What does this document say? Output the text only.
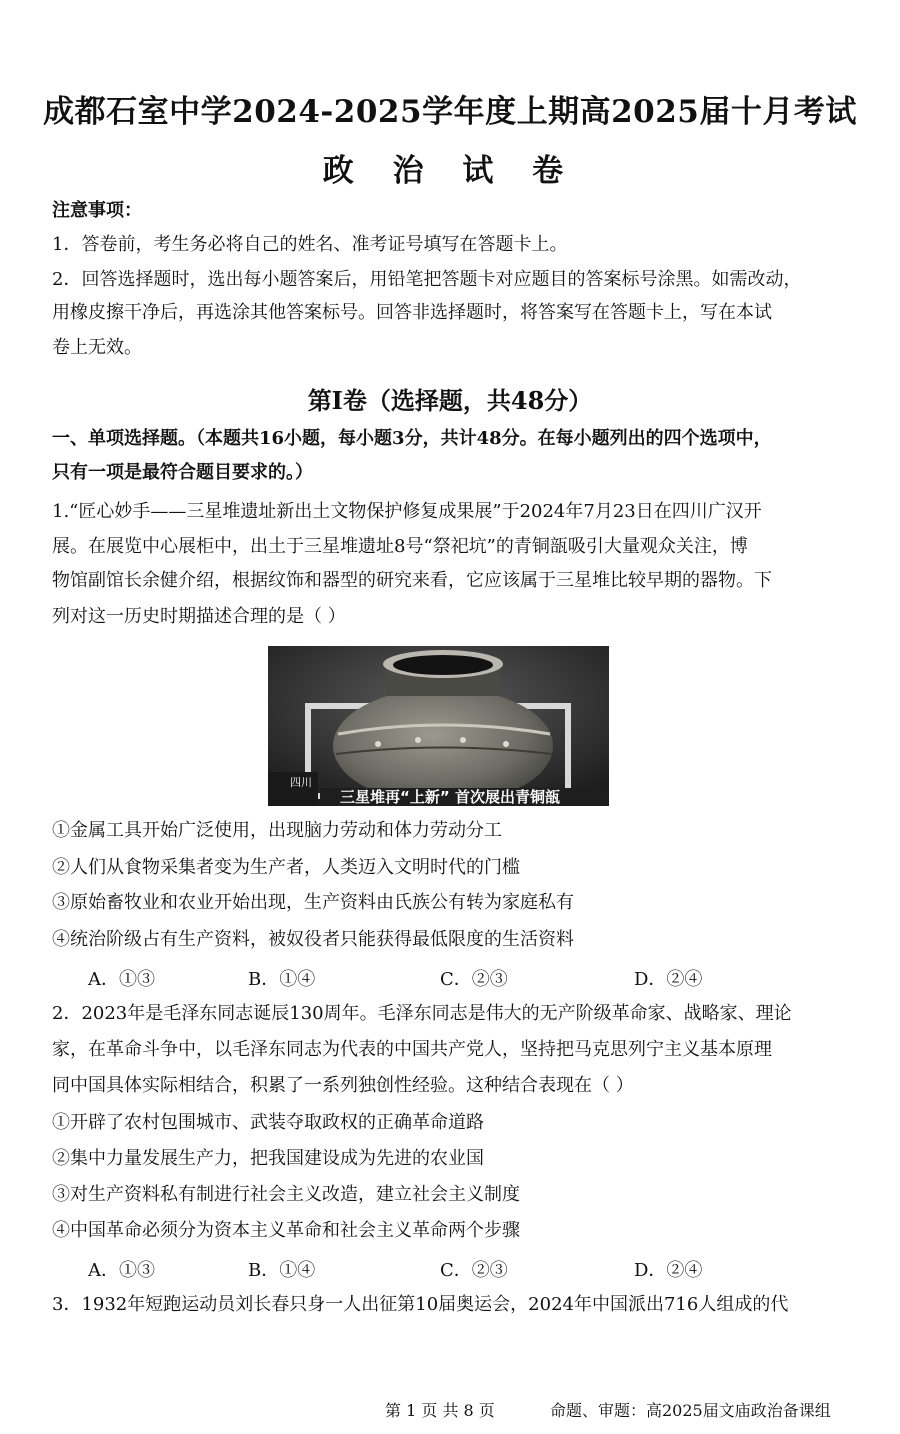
成都石室中学2024-2025学年度上期高2025届十月考试
政 治 试 卷
注意事项：
1．答卷前，考生务必将自己的姓名、准考证号填写在答题卡上。
2．回答选择题时，选出每小题答案后，用铅笔把答题卡对应题目的答案标号涂黑。如需改动，
用橡皮擦干净后，再选涂其他答案标号。回答非选择题时，将答案写在答题卡上，写在本试
卷上无效。
第Ⅰ卷（选择题，共48分）
一、单项选择题。（本题共16小题，每小题3分，共计48分。在每小题列出的四个选项中，
只有一项是最符合题目要求的。）
1.“匠心妙手——三星堆遗址新出土文物保护修复成果展”于2024年7月23日在四川广汉开
展。在展览中心展柜中，出土于三星堆遗址8号“祭祀坑”的青铜瓿吸引大量观众关注，博
物馆副馆长余健介绍，根据纹饰和器型的研究来看，它应该属于三星堆比较早期的器物。下
列对这一历史时期描述合理的是（ ）
四川
三星堆再“上新” 首次展出青铜瓿
①金属工具开始广泛使用，出现脑力劳动和体力劳动分工
②人们从食物采集者变为生产者，人类迈入文明时代的门槛
③原始畜牧业和农业开始出现，生产资料由氏族公有转为家庭私有
④统治阶级占有生产资料，被奴役者只能获得最低限度的生活资料
A．①③	B．①④	C．②③	D．②④
2．2023年是毛泽东同志诞辰130周年。毛泽东同志是伟大的无产阶级革命家、战略家、理论
家，在革命斗争中，以毛泽东同志为代表的中国共产党人，坚持把马克思列宁主义基本原理
同中国具体实际相结合，积累了一系列独创性经验。这种结合表现在（ ）
①开辟了农村包围城市、武装夺取政权的正确革命道路
②集中力量发展生产力，把我国建设成为先进的农业国
③对生产资料私有制进行社会主义改造，建立社会主义制度
④中国革命必须分为资本主义革命和社会主义革命两个步骤
A．①③	B．①④	C．②③	D．②④
3．1932年短跑运动员刘长春只身一人出征第10届奥运会，2024年中国派出716人组成的代
第 1 页 共 8 页	命题、审题：高2025届文庙政治备课组
